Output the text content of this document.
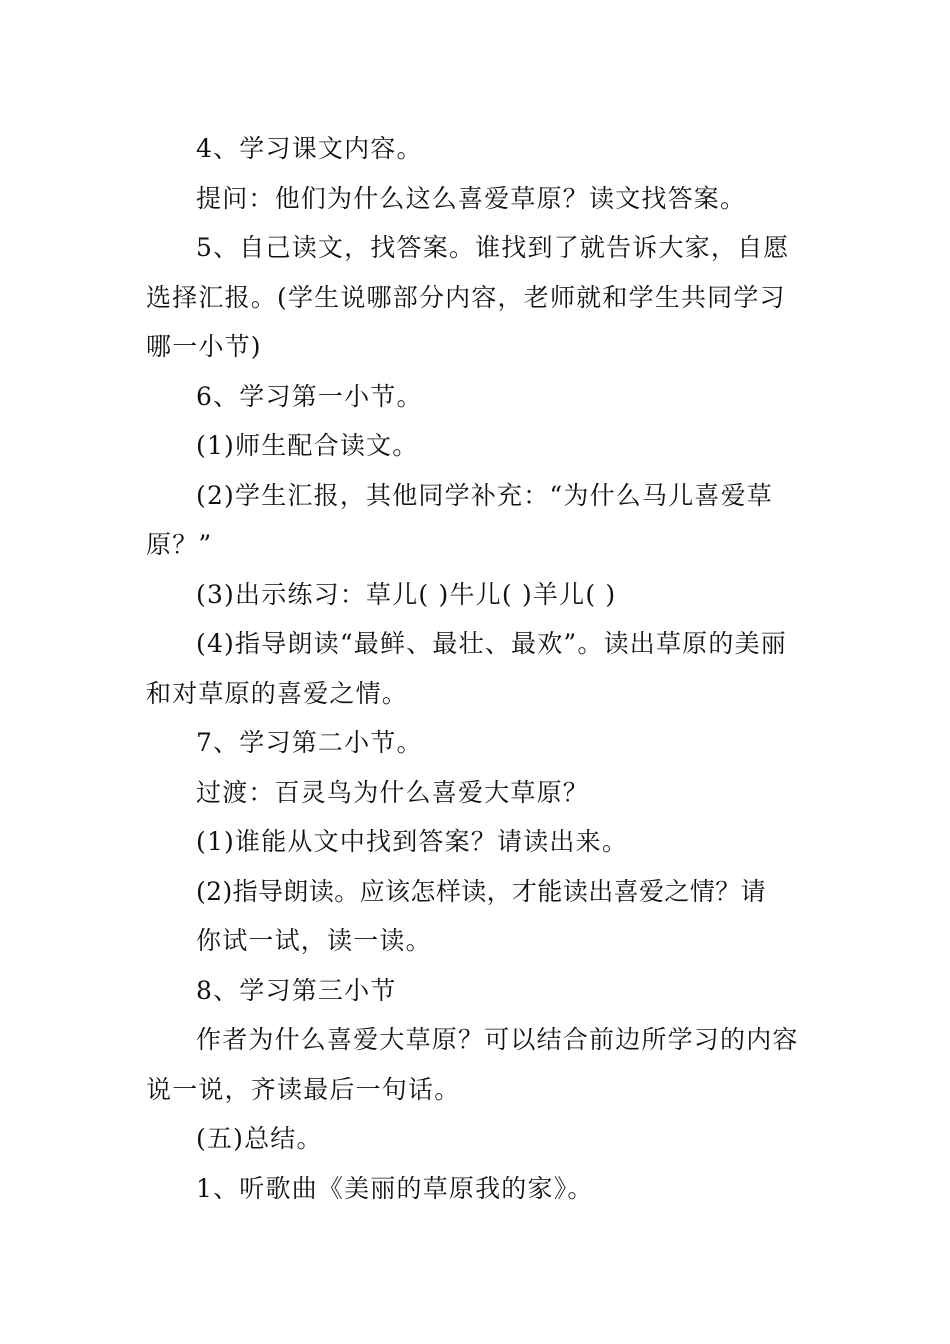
4、学习课文内容。

提问：他们为什么这么喜爱草原？读文找答案。

5、自己读文，找答案。谁找到了就告诉大家，自愿选择汇报。(学生说哪部分内容，老师就和学生共同学习哪一小节)

6、学习第一小节。

(1)师生配合读文。

(2)学生汇报，其他同学补充：“为什么马儿喜爱草原？”

(3)出示练习：草儿( )牛儿( )羊儿( )

(4)指导朗读“最鲜、最壮、最欢”。读出草原的美丽和对草原的喜爱之情。

7、学习第二小节。

过渡：百灵鸟为什么喜爱大草原？

(1)谁能从文中找到答案？请读出来。

(2)指导朗读。应该怎样读，才能读出喜爱之情？请

你试一试，读一读。

8、学习第三小节

作者为什么喜爱大草原？可以结合前边所学习的内容说一说，齐读最后一句话。

(五)总结。

1、听歌曲《美丽的草原我的家》。
